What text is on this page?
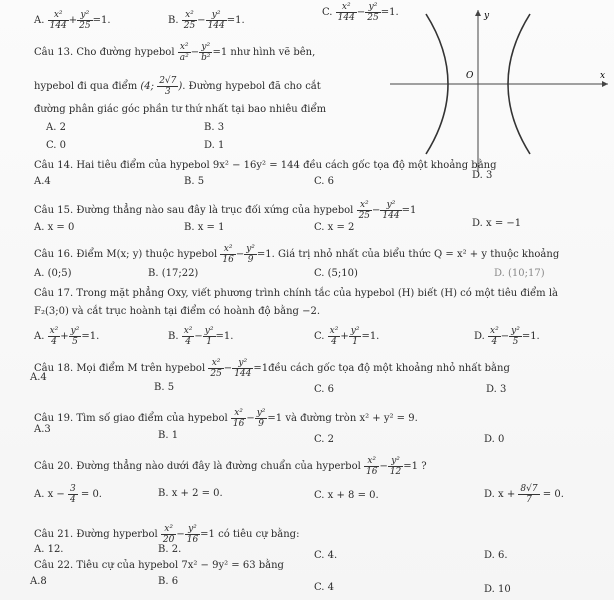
A. $\frac{\text{x²}}{144} + \frac{\text{y²}}{25} =1$.	B. $\frac{\text{x²}}{25} - \frac{\text{y²}}{144} =1$.
C. $\frac{\text{x²}}{144} - \frac{\text{y²}}{25} =1$.
Câu 13. Cho đường hypebol $\frac{\text{x²}}{\text{a²}} - \frac{\text{y²}}{\text{b²}} =1$ như hình vẽ bên,
hypebol đi qua điểm (4; $\frac{2√7}{3}$ ). Đường hypebol đã cho cắt
đường phân giác góc phần tư thứ nhất tại bao nhiêu điểm
A. 2	B. 3
C. 0	D. 1
y
x
O
Câu 14. Hai tiêu điểm của hypebol 9x² − 16y² = 144 đều cách gốc tọa độ một khoảng bằng
A.4	B. 5	C. 6
D. 3
Câu 15. Đường thẳng nào sau đây là trục đối xứng của hypebol $\frac{\text{x²}}{25} - \frac{\text{y²}}{144} =1$
A. x = 0	B. x = 1	C. x = 2	D. x = −1
Câu 16. Điểm M(x; y) thuộc hypebol $\frac{\text{x²}}{16} - \frac{\text{y²}}{9} =1$. Giá trị nhỏ nhất của biểu thức Q = x² + y thuộc khoảng
A. (0;5)	B. (17;22)	C. (5;10)	D. (10;17)
Câu 17. Trong mặt phẳng Oxy, viết phương trình chính tắc của hypebol (H) biết (H) có một tiêu điểm là
F₂(3;0) và cắt trục hoành tại điểm có hoành độ bằng −2.
A. $\frac{\text{x²}}{4} + \frac{\text{y²}}{5} =1$.	B. $\frac{\text{x²}}{4} - \frac{\text{y²}}{1} =1$.	C. $\frac{\text{x²}}{4} + \frac{\text{y²}}{1} =1$.	D. $\frac{\text{x²}}{4} - \frac{\text{y²}}{5} =1$.
Câu 18. Mọi điểm M trên hypebol $\frac{\text{x²}}{25} - \frac{\text{y²}}{144}$ =1đều cách gốc tọa độ một khoảng nhỏ nhất bằng
A.4
B. 5	C. 6	D. 3
Câu 19. Tìm số giao điểm của hypebol $\frac{\text{x²}}{16} - \frac{\text{y²}}{9} =1$ và đường tròn x² + y² = 9.
A.3
B. 1	C. 2	D. 0
Câu 20. Đường thẳng nào dưới đây là đường chuẩn của hyperbol $\frac{\text{x²}}{16} - \frac{\text{y²}}{12} =1$ ?
A. $x - \frac{3}{4} = 0$.	B. x + 2 = 0.	C. x + 8 = 0.	D. $x + \frac{8√7}{7} = 0$.
Câu 21. Đường hyperbol $\frac{\text{x²}}{20} - \frac{\text{y²}}{16} =1$ có tiêu cự bằng:
A. 12.	B. 2.
C. 4.	D. 6.
Câu 22. Tiêu cự của hypebol 7x² − 9y² = 63 bằng
A.8	B. 6
C. 4	D. 10
